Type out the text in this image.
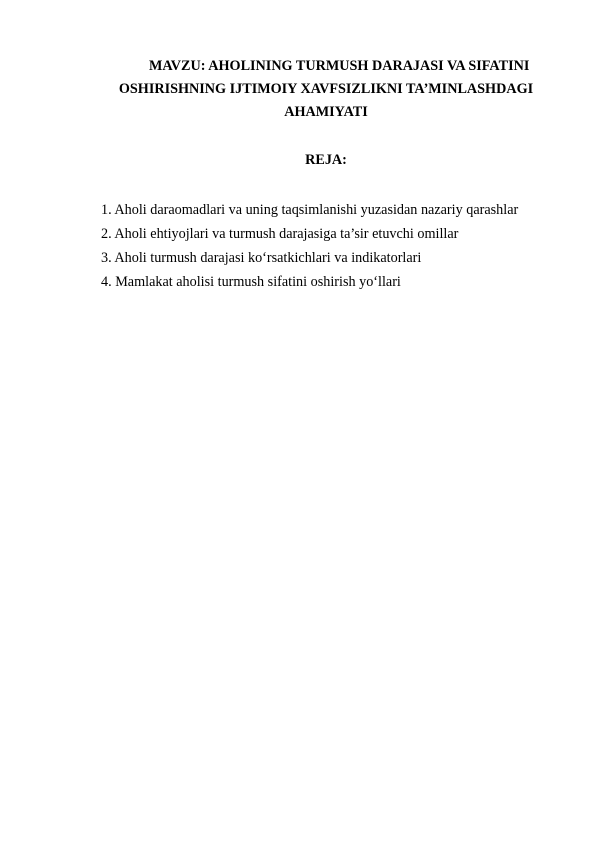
MAVZU: AHOLINING TURMUSH DARAJASI VA SIFATINI
OSHIRISHNING IJTIMOIY XAVFSIZLIKNI TA’MINLASHDAGI
AHAMIYATI
REJA:
1. Aholi daraomadlari va uning taqsimlanishi yuzasidan nazariy qarashlar
2. Aholi ehtiyojlari va turmush darajasiga ta’sir etuvchi omillar
3. Aholi turmush darajasi ko‘rsatkichlari va indikatorlari
4. Mamlakat aholisi turmush sifatini oshirish yo‘llari
